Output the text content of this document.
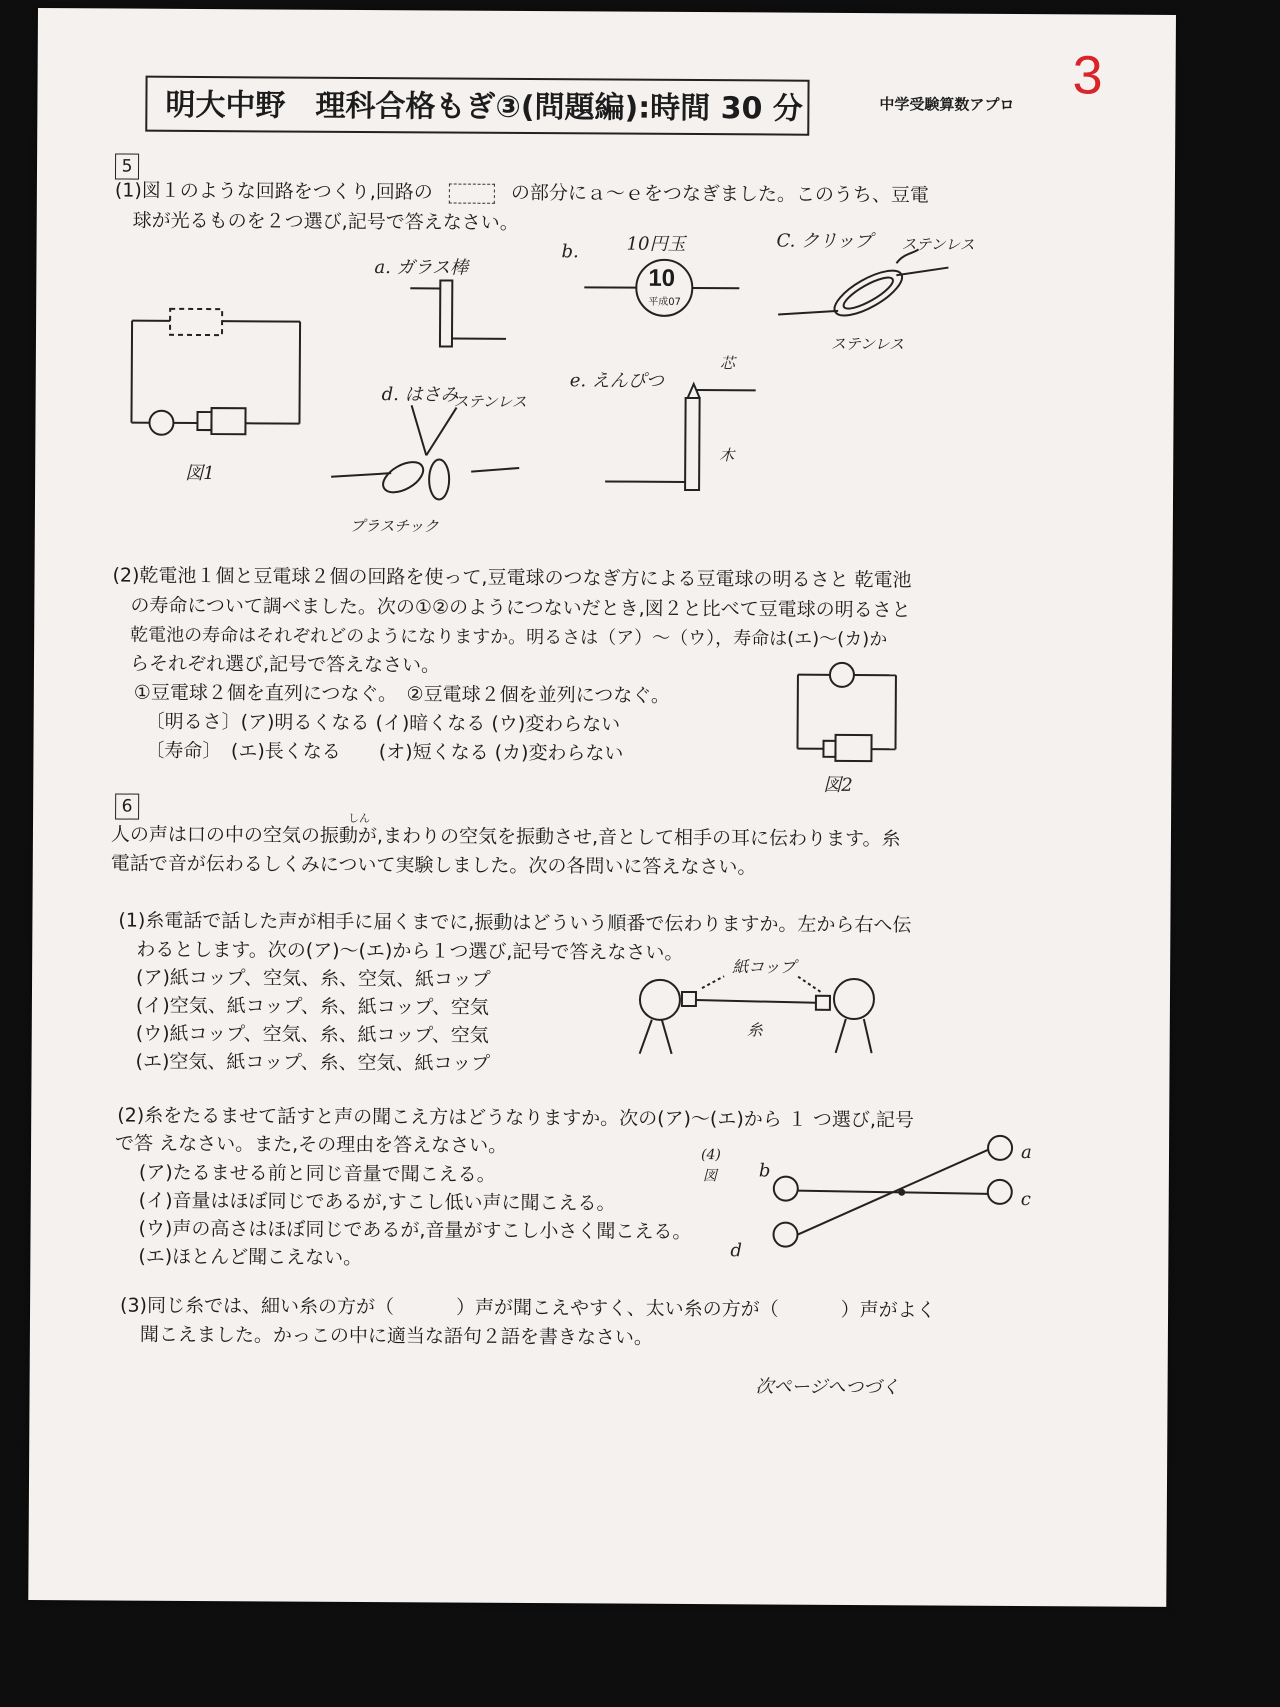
明大中野　理科合格もぎ③(問題編):時間 30 分	中学受験算数アプロ 3
5
(1)図１のような回路をつくり,回路の	の部分にａ～ｅをつなぎました。このうち、豆電
球が光るものを２つ選び,記号で答えなさい。
図1
a. ガラス棒
b.	10円玉
10
平成07
C. クリップ ステンレス
ステンレス
d. はさみ
ステンレス
プラスチック
e. えんぴつ
芯
木
(2)乾電池１個と豆電球２個の回路を使って,豆電球のつなぎ方による豆電球の明るさと 乾電池
の寿命について調べました。次の①②のようにつないだとき,図２と比べて豆電球の明るさと
乾電池の寿命はそれぞれどのようになりますか。明るさは（ア）～（ウ），寿命は(エ)～(カ)か
らそれぞれ選び,記号で答えなさい。
①豆電球２個を直列につなぐ。　②豆電球２個を並列につなぐ。
〔明るさ〕(ア)明るくなる (イ)暗くなる (ウ)変わらない
〔寿命〕　(エ)長くなる　　(オ)短くなる (カ)変わらない
図2
6
しん
人の声は口の中の空気の振動が,まわりの空気を振動させ,音として相手の耳に伝わります。糸
電話で音が伝わるしくみについて実験しました。次の各問いに答えなさい。
(1)糸電話で話した声が相手に届くまでに,振動はどういう順番で伝わりますか。左から右へ伝
わるとします。次の(ア)～(エ)から１つ選び,記号で答えなさい。
(ア)紙コップ、空気、糸、空気、紙コップ
(イ)空気、紙コップ、糸、紙コップ、空気
(ウ)紙コップ、空気、糸、紙コップ、空気
(エ)空気、紙コップ、糸、空気、紙コップ
紙コップ
糸
(2)糸をたるませて話すと声の聞こえ方はどうなりますか。次の(ア)～(エ)から １ つ選び,記号
で答 えなさい。また,その理由を答えなさい。
(ア)たるませる前と同じ音量で聞こえる。
(イ)音量はほぼ同じであるが,すこし低い声に聞こえる。
(ウ)声の高さはほぼ同じであるが,音量がすこし小さく聞こえる。
(エ)ほとんど聞こえない。
(4)
図 b
a
c
d
(3)同じ糸では、細い糸の方が（	）声が聞こえやすく、太い糸の方が（	）声がよく
聞こえました。かっこの中に適当な語句２語を書きなさい。
次ページへつづく
